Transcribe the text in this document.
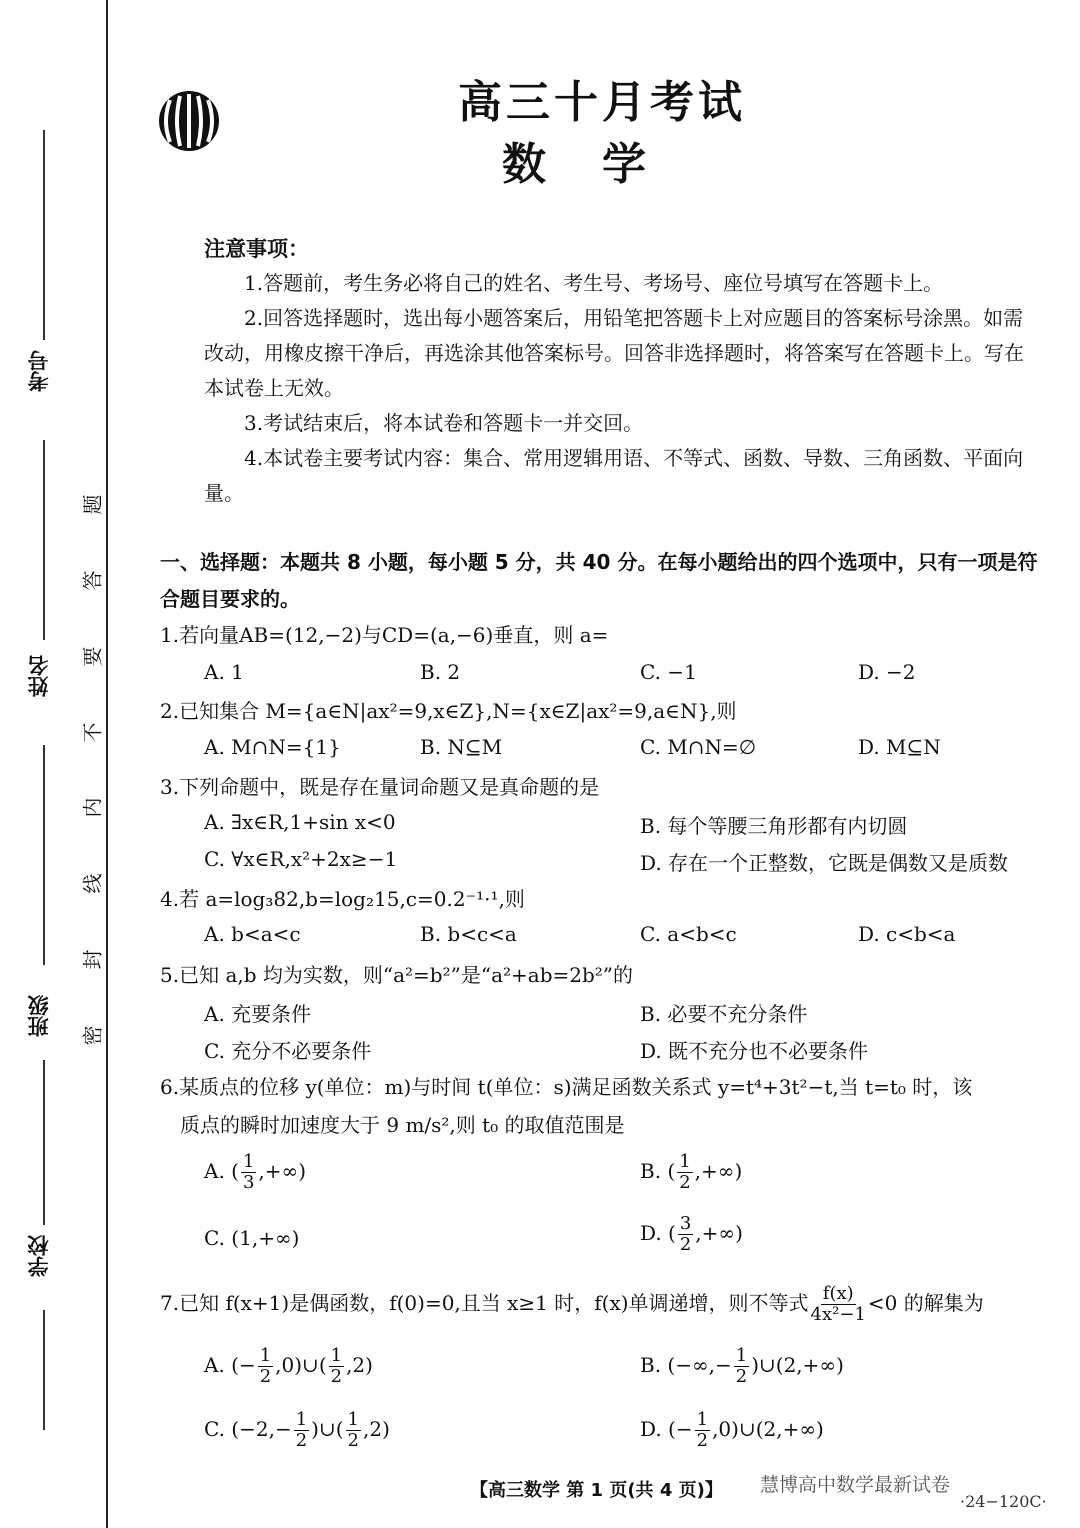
考号
姓名
班级
学校
题
答
要
不
内
线
封
密
高三十月考试
数学
注意事项：
1.答题前，考生务必将自己的姓名、考生号、考场号、座位号填写在答题卡上。
2.回答选择题时，选出每小题答案后，用铅笔把答题卡上对应题目的答案标号涂黑。如需改动，用橡皮擦干净后，再选涂其他答案标号。回答非选择题时，将答案写在答题卡上。写在本试卷上无效。
3.考试结束后，将本试卷和答题卡一并交回。
4.本试卷主要考试内容：集合、常用逻辑用语、不等式、函数、导数、三角函数、平面向量。
一、选择题：本题共 8 小题，每小题 5 分，共 40 分。在每小题给出的四个选项中，只有一项是符合题目要求的。
1.若向量AB=(12,−2)与CD=(a,−6)垂直，则 a=
A. 1	B. 2	C. −1	D. −2
2.已知集合 M={a∈N|ax²=9,x∈Z},N={x∈Z|ax²=9,a∈N},则
A. M∩N={1}	B. N⊆M	C. M∩N=∅	D. M⊆N
3.下列命题中，既是存在量词命题又是真命题的是
A. ∃x∈R,1+sin x<0	B. 每个等腰三角形都有内切圆
C. ∀x∈R,x²+2x≥−1	D. 存在一个正整数，它既是偶数又是质数
4.若 a=log₃82,b=log₂15,c=0.2⁻¹·¹,则
A. b<a<c	B. b<c<a	C. a<b<c	D. c<b<a
5.已知 a,b 均为实数，则“a²=b²”是“a²+ab=2b²”的
A. 充要条件	B. 必要不充分条件
C. 充分不必要条件	D. 既不充分也不必要条件
6.某质点的位移 y(单位：m)与时间 t(单位：s)满足函数关系式 y=t⁴+3t²−t,当 t=t₀ 时，该
质点的瞬时加速度大于 9 m/s²,则 t₀ 的取值范围是
A. ( $\frac{1}{3}$ ,+∞)	B. ( $\frac{1}{2}$ ,+∞)
C. (1,+∞)	D. ( $\frac{3}{2}$ ,+∞)
7.已知 f(x+1)是偶函数，f(0)=0,且当 x≥1 时，f(x)单调递增，则不等式 $\frac{f(x)}{\text{4x²−1}} <0$ 的解集为
A. (− $\frac{1}{2}$ ,0)∪( $\frac{1}{2} ,2$)	B. (−∞,− $\frac{1}{2}$ )∪(2,+∞)
C. ($-2,- \frac{1}{2}$ )∪( $\frac{1}{2} ,2$)	D. (− $\frac{1}{2}$ ,0)∪(2,+∞)
【高三数学 第 1 页(共 4 页)】 慧博高中数学最新试卷
·24−120C·
